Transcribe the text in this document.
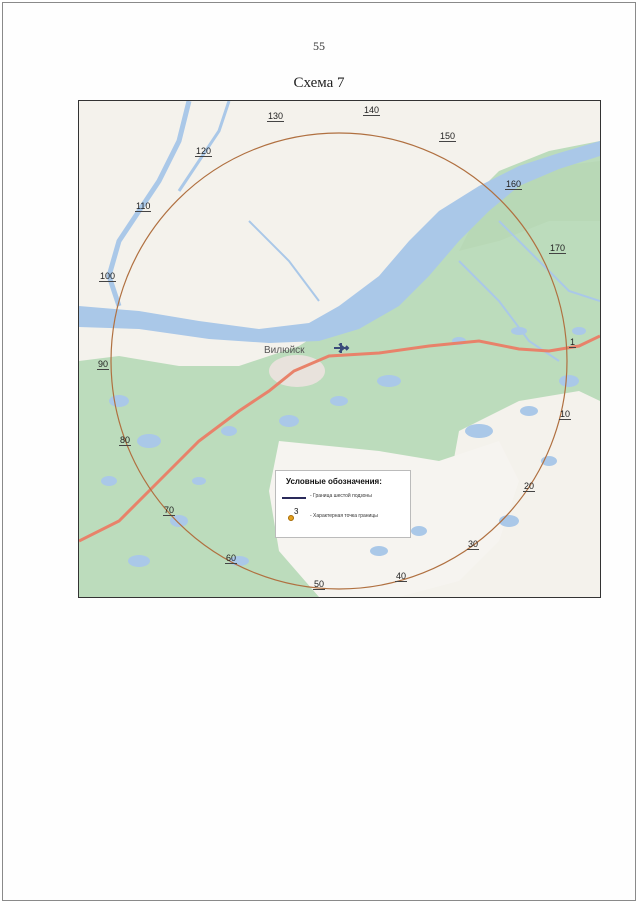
55
Схема 7
Вилюйск
1
10
20
30
40
50
60
70
80
90
100
110
120
130
140
150
160
170
Условные обозначения:
- Граница шестой подзоны
3 - Характерная точка границы
